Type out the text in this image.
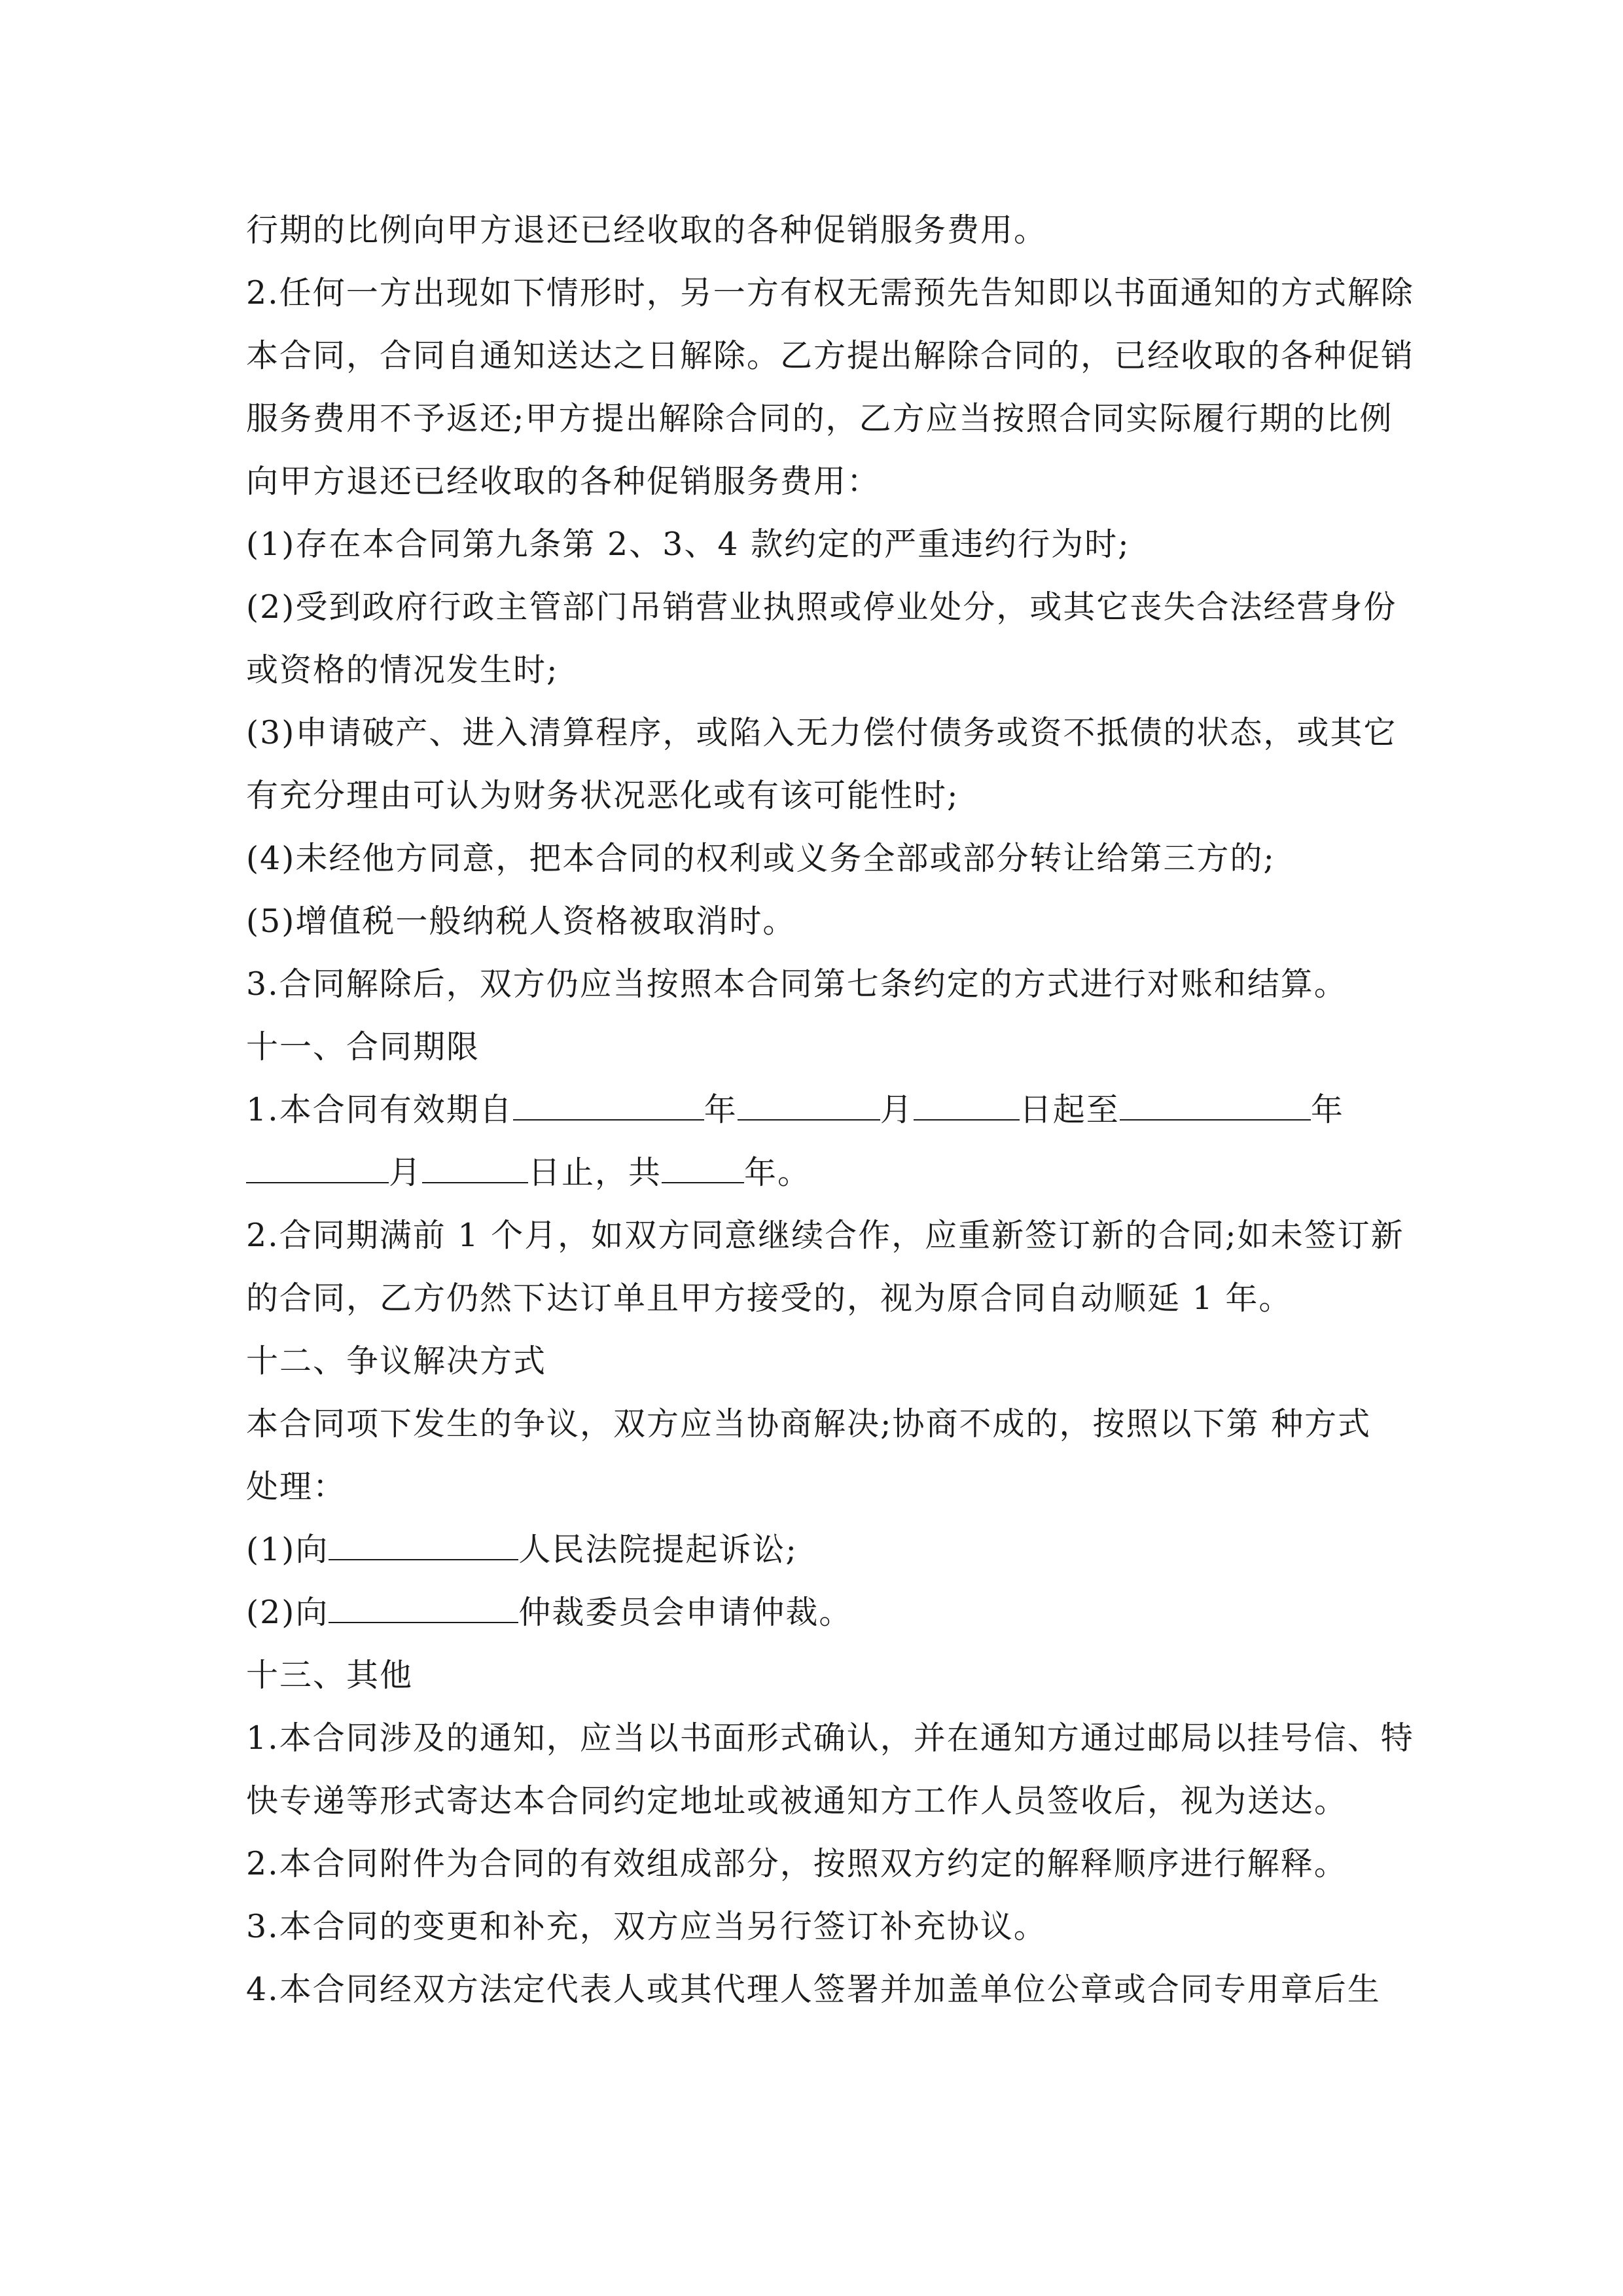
行期的比例向甲方退还已经收取的各种促销服务费用。
2.任何一方出现如下情形时，另一方有权无需预先告知即以书面通知的方式解除
本合同，合同自通知送达之日解除。乙方提出解除合同的，已经收取的各种促销
服务费用不予返还;甲方提出解除合同的，乙方应当按照合同实际履行期的比例
向甲方退还已经收取的各种促销服务费用：
(1)存在本合同第九条第 2、3、4 款约定的严重违约行为时;
(2)受到政府行政主管部门吊销营业执照或停业处分，或其它丧失合法经营身份
或资格的情况发生时;
(3)申请破产、进入清算程序，或陷入无力偿付债务或资不抵债的状态，或其它
有充分理由可认为财务状况恶化或有该可能性时;
(4)未经他方同意，把本合同的权利或义务全部或部分转让给第三方的;
(5)增值税一般纳税人资格被取消时。
3.合同解除后，双方仍应当按照本合同第七条约定的方式进行对账和结算。
十一、合同期限
1.本合同有效期自	年	月	日起至	年
月	日止，共	年。
2.合同期满前 1 个月，如双方同意继续合作，应重新签订新的合同;如未签订新
的合同，乙方仍然下达订单且甲方接受的，视为原合同自动顺延 1 年。
十二、争议解决方式
本合同项下发生的争议，双方应当协商解决;协商不成的，按照以下第 种方式
处理：
(1)向	人民法院提起诉讼;
(2)向	仲裁委员会申请仲裁。
十三、其他
1.本合同涉及的通知，应当以书面形式确认，并在通知方通过邮局以挂号信、特
快专递等形式寄达本合同约定地址或被通知方工作人员签收后，视为送达。
2.本合同附件为合同的有效组成部分，按照双方约定的解释顺序进行解释。
3.本合同的变更和补充，双方应当另行签订补充协议。
4.本合同经双方法定代表人或其代理人签署并加盖单位公章或合同专用章后生
